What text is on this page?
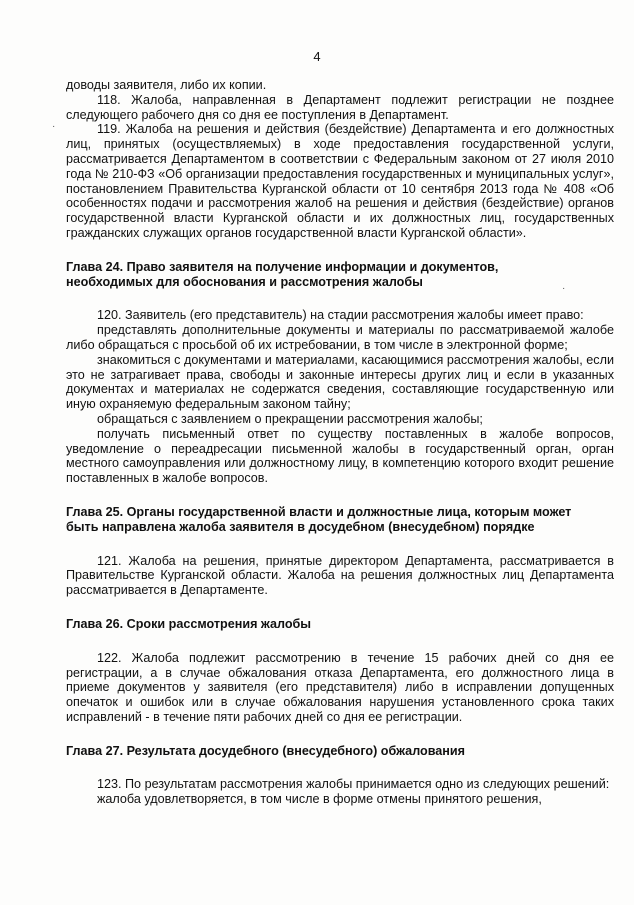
4

доводы заявителя, либо их копии.

118. Жалоба, направленная в Департамент подлежит регистрации не позднее следующего рабочего дня со дня ее поступления в Департамент.

119. Жалоба на решения и действия (бездействие) Департамента и его должностных лиц, принятых (осуществляемых) в ходе предоставления государственной услуги, рассматривается Департаментом в соответствии с Федеральным законом от 27 июля 2010 года № 210-ФЗ «Об организации предоставления государственных и муниципальных услуг», постановлением Правительства Курганской области от 10 сентября 2013 года № 408 «Об особенностях подачи и рассмотрения жалоб на решения и действия (бездействие) органов государственной власти Курганской области и их должностных лиц, государственных гражданских служащих органов государственной власти Курганской области».

Глава 24. Право заявителя на получение информации и документов,

необходимых для обоснования и рассмотрения жалобы

120. Заявитель (его представитель) на стадии рассмотрения жалобы имеет право:

представлять дополнительные документы и материалы по рассматриваемой жалобе либо обращаться с просьбой об их истребовании, в том числе в электронной форме;

знакомиться с документами и материалами, касающимися рассмотрения жалобы, если это не затрагивает права, свободы и законные интересы других лиц и если в указанных документах и материалах не содержатся сведения, составляющие государственную или иную охраняемую федеральным законом тайну;

обращаться с заявлением о прекращении рассмотрения жалобы;

получать письменный ответ по существу поставленных в жалобе вопросов, уведомление о переадресации письменной жалобы в государственный орган, орган местного самоуправления или должностному лицу, в компетенцию которого входит решение поставленных в жалобе вопросов.

Глава 25. Органы государственной власти и должностные лица, которым может

быть направлена жалоба заявителя в досудебном (внесудебном) порядке

121. Жалоба на решения, принятые директором Департамента, рассматривается в Правительстве Курганской области. Жалоба на решения должностных лиц Департамента рассматривается в Департаменте.

Глава 26. Сроки рассмотрения жалобы

122. Жалоба подлежит рассмотрению в течение 15 рабочих дней со дня ее регистрации, а в случае обжалования отказа Департамента, его должностного лица в приеме документов у заявителя (его представителя) либо в исправлении допущенных опечаток и ошибок или в случае обжалования нарушения установленного срока таких исправлений - в течение пяти рабочих дней со дня ее регистрации.

Глава 27. Результата досудебного (внесудебного) обжалования

123. По результатам рассмотрения жалобы принимается одно из следующих решений:

жалоба удовлетворяется, в том числе в форме отмены принятого решения,

·
·
